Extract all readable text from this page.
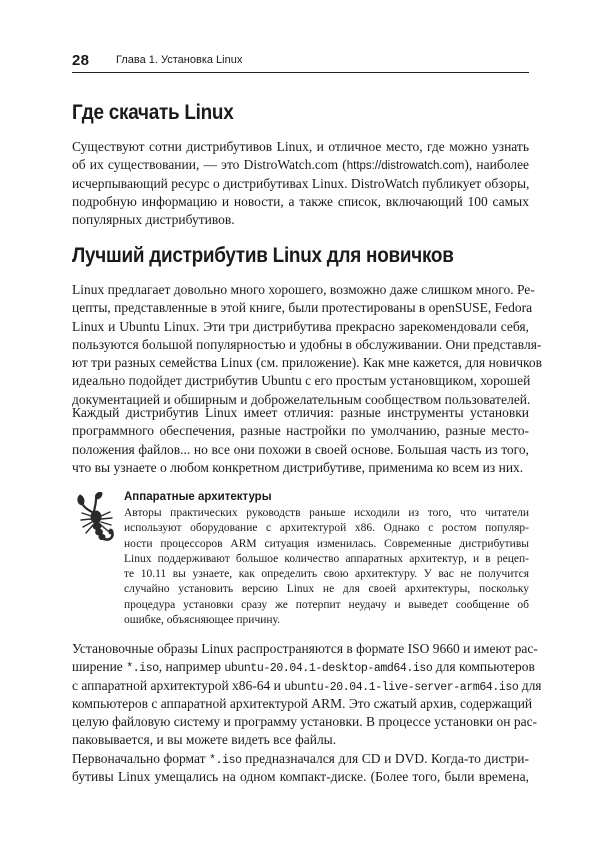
28 Глава 1. Установка Linux
Где скачать Linux
Существуют сотни дистрибутивов Linux, и отличное место, где можно узнать
об их существовании, — это DistroWatch.com (https://distrowatch.com), наиболее
исчерпывающий ресурс о дистрибутивах Linux. DistroWatch публикует обзоры,
подробную информацию и новости, а также список, включающий 100 самых
популярных дистрибутивов.
Лучший дистрибутив Linux для новичков
Linux предлагает довольно много хорошего, возможно даже слишком много. Ре-
цепты, представленные в этой книге, были протестированы в openSUSE, Fedora
Linux и Ubuntu Linux. Эти три дистрибутива прекрасно зарекомендовали себя,
пользуются большой популярностью и удобны в обслуживании. Они представля-
ют три разных семейства Linux (см. приложение). Как мне кажется, для новичков
идеально подойдет дистрибутив Ubuntu с его простым установщиком, хорошей
документацией и обширным и доброжелательным сообществом пользователей.
Каждый дистрибутив Linux имеет отличия: разные инструменты установки
программного обеспечения, разные настройки по умолчанию, разные место-
положения файлов... но все они похожи в своей основе. Большая часть из того,
что вы узнаете о любом конкретном дистрибутиве, применима ко всем из них.
Аппаратные архитектуры
Авторы практических руководств раньше исходили из того, что читатели
используют оборудование с архитектурой x86. Однако с ростом популяр-
ности процессоров ARM ситуация изменилась. Современные дистрибутивы
Linux поддерживают большое количество аппаратных архитектур, и в рецеп-
те 10.11 вы узнаете, как определить свою архитектуру. У вас не получится
случайно установить версию Linux не для своей архитектуры, поскольку
процедура установки сразу же потерпит неудачу и выведет сообщение об
ошибке, объясняющее причину.
Установочные образы Linux распространяются в формате ISO 9660 и имеют рас-
ширение *.iso, например ubuntu-20.04.1-desktop-amd64.iso для компьютеров
с аппаратной архитектурой x86-64 и ubuntu-20.04.1-live-server-arm64.iso для
компьютеров с аппаратной архитектурой ARM. Это сжатый архив, содержащий
целую файловую систему и программу установки. В процессе установки он рас-
паковывается, и вы можете видеть все файлы.
Первоначально формат *.iso предназначался для CD и DVD. Когда-то дистри-
бутивы Linux умещались на одном компакт-диске. (Более того, были времена,
